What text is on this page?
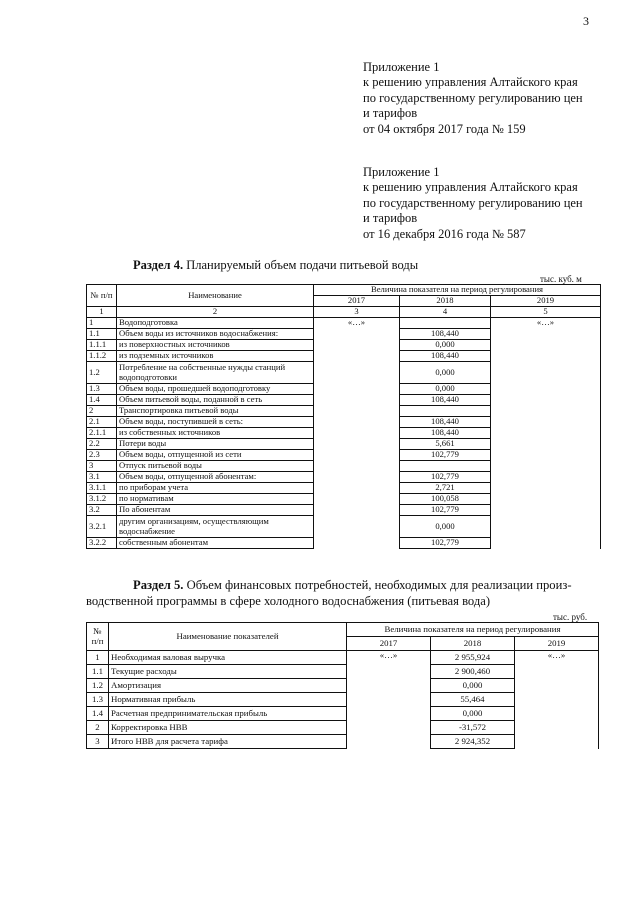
3
Приложение 1
к решению управления Алтайского края
по государственному регулированию цен
и тарифов
от 04 октября 2017 года № 159
Приложение 1
к решению управления Алтайского края
по государственному регулированию цен
и тарифов
от 16 декабря 2016 года № 587
Раздел 4. Планируемый объем подачи питьевой воды
тыс. куб. м
№ п/п	Наименование	Величина показателя на период регулирования		
		2017	2018	2019
1	2	3	4	5
1	Водоподготовка	«…»		«…»
1.1	Объем воды из источников водоснабжения:		108,440	
1.1.1	из поверхностных источников		0,000	
1.1.2	из подземных источников		108,440	
1.2	Потребление на собственные нужды станций водоподготовки		0,000	
1.3	Объем воды, прошедшей водоподготовку		0,000	
1.4	Объем питьевой воды, поданной в сеть		108,440	
2	Транспортировка питьевой воды			
2.1	Объем воды, поступившей в сеть:		108,440	
2.1.1	из собственных источников		108,440	
2.2	Потери воды		5,661	
2.3	Объем воды, отпущенной из сети		102,779	
3	Отпуск питьевой воды			
3.1	Объем воды, отпущенной абонентам:		102,779	
3.1.1	по приборам учета		2,721	
3.1.2	по нормативам		100,058	
3.2	По абонентам		102,779	
3.2.1	другим организациям, осуществляющим водоснабжение		0,000	
3.2.2	собственным абонентам		102,779	
Раздел 5. Объем финансовых потребностей, необходимых для реализации произ-
водственной программы в сфере холодного водоснабжения (питьевая вода)
тыс. руб.
№ п/п	Наименование показателей	Величина показателя на период регулирования		
		2017	2018	2019
1	Необходимая валовая выручка	«…»	2 955,924	«…»
1.1	Текущие расходы		2 900,460	
1.2	Амортизация		0,000	
1.3	Нормативная прибыль		55,464	
1.4	Расчетная предпринимательская прибыль		0,000	
2	Корректировка НВВ		-31,572	
3	Итого НВВ для расчета тарифа		2 924,352	
